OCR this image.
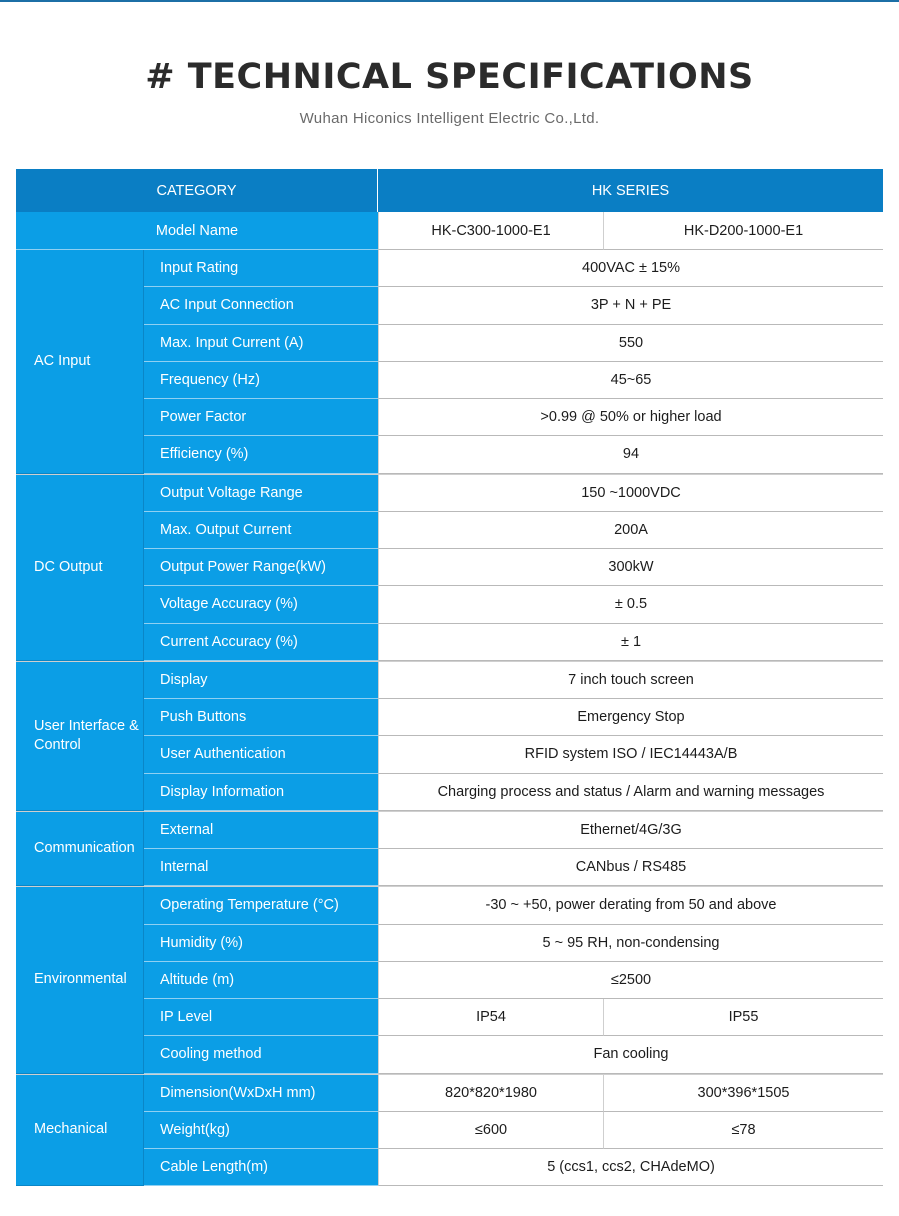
# TECHNICAL SPECIFICATIONS
Wuhan Hiconics Intelligent Electric Co.,Ltd.
CATEGORY	HK SERIES
Model Name	HK-C300-1000-E1	HK-D200-1000-E1
AC Input
Input Rating	400VAC ± 15%
AC Input Connection	3P + N + PE
Max. Input Current (A)	550
Frequency (Hz)	45~65
Power Factor	>0.99 @ 50% or higher load
Efficiency (%)	94
DC Output
Output Voltage Range	150 ~1000VDC
Max. Output Current	200A
Output Power Range(kW)	300kW
Voltage Accuracy (%)	± 0.5
Current Accuracy (%)	± 1
User Interface & Control
Display	7 inch touch screen
Push Buttons	Emergency Stop
User Authentication	RFID system ISO / IEC14443A/B
Display Information	Charging process and status / Alarm and warning messages
Communication
External	Ethernet/4G/3G
Internal	CANbus / RS485
Environmental
Operating Temperature (°C)	-30 ~ +50, power derating from 50 and above
Humidity (%)	5 ~ 95 RH, non-condensing
Altitude (m)	≤2500
IP Level	IP54	IP55
Cooling method	Fan cooling
Mechanical
Dimension(WxDxH mm)	820*820*1980	300*396*1505
Weight(kg)	≤600	≤78
Cable Length(m)	5 (ccs1, ccs2, CHAdeMO)
